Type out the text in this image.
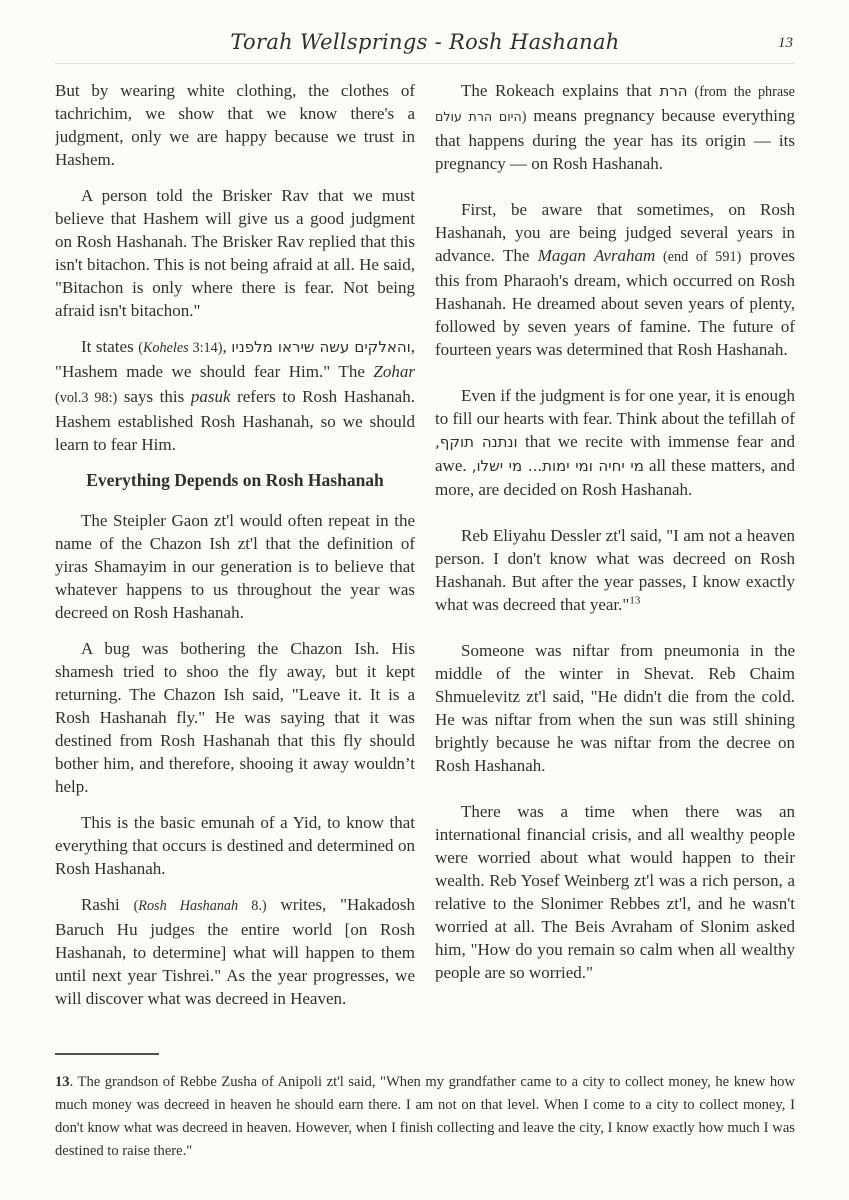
Torah Wellsprings - Rosh Hashanah	13

But by wearing white clothing, the clothes of tachrichim, we show that we know there's a judgment, only we are happy because we trust in Hashem.

A person told the Brisker Rav that we must believe that Hashem will give us a good judgment on Rosh Hashanah. The Brisker Rav replied that this isn't bitachon. This is not being afraid at all. He said, "Bitachon is only where there is fear. Not being afraid isn't bitachon."

It states (Koheles 3:14), והאלקים עשה שיראו מלפניו, "Hashem made we should fear Him." The Zohar (vol.3 98:) says this pasuk refers to Rosh Hashanah. Hashem established Rosh Hashanah, so we should learn to fear Him.

Everything Depends on Rosh Hashanah

The Steipler Gaon zt'l would often repeat in the name of the Chazon Ish zt'l that the definition of yiras Shamayim in our generation is to believe that whatever happens to us throughout the year was decreed on Rosh Hashanah.

A bug was bothering the Chazon Ish. His shamesh tried to shoo the fly away, but it kept returning. The Chazon Ish said, "Leave it. It is a Rosh Hashanah fly." He was saying that it was destined from Rosh Hashanah that this fly should bother him, and therefore, shooing it away wouldn’t help.

This is the basic emunah of a Yid, to know that everything that occurs is destined and determined on Rosh Hashanah.

Rashi (Rosh Hashanah 8.) writes, "Hakadosh Baruch Hu judges the entire world [on Rosh Hashanah, to determine] what will happen to them until next year Tishrei." As the year progresses, we will discover what was decreed in Heaven.

The Rokeach explains that הרת (from the phrase היום הרת עולם) means pregnancy because everything that happens during the year has its origin — its pregnancy — on Rosh Hashanah.

First, be aware that sometimes, on Rosh Hashanah, you are being judged several years in advance. The Magan Avraham (end of 591) proves this from Pharaoh's dream, which occurred on Rosh Hashanah. He dreamed about seven years of plenty, followed by seven years of famine. The future of fourteen years was determined that Rosh Hashanah.

Even if the judgment is for one year, it is enough to fill our hearts with fear. Think about the tefillah of ונתנה תוקף, that we recite with immense fear and awe. מי יחיה ומי ימות... מי ישלו, all these matters, and more, are decided on Rosh Hashanah.

Reb Eliyahu Dessler zt'l said, "I am not a heaven person. I don't know what was decreed on Rosh Hashanah. But after the year passes, I know exactly what was decreed that year."$^{13}$

Someone was niftar from pneumonia in the middle of the winter in Shevat. Reb Chaim Shmuelevitz zt'l said, "He didn't die from the cold. He was niftar from when the sun was still shining brightly because he was niftar from the decree on Rosh Hashanah.

There was a time when there was an international financial crisis, and all wealthy people were worried about what would happen to their wealth. Reb Yosef Weinberg zt'l was a rich person, a relative to the Slonimer Rebbes zt'l, and he wasn't worried at all. The Beis Avraham of Slonim asked him, "How do you remain so calm when all wealthy people are so worried."

13. The grandson of Rebbe Zusha of Anipoli zt'l said, "When my grandfather came to a city to collect money, he knew how much money was decreed in heaven he should earn there. I am not on that level. When I come to a city to collect money, I don't know what was decreed in heaven. However, when I finish collecting and leave the city, I know exactly how much I was destined to raise there."
